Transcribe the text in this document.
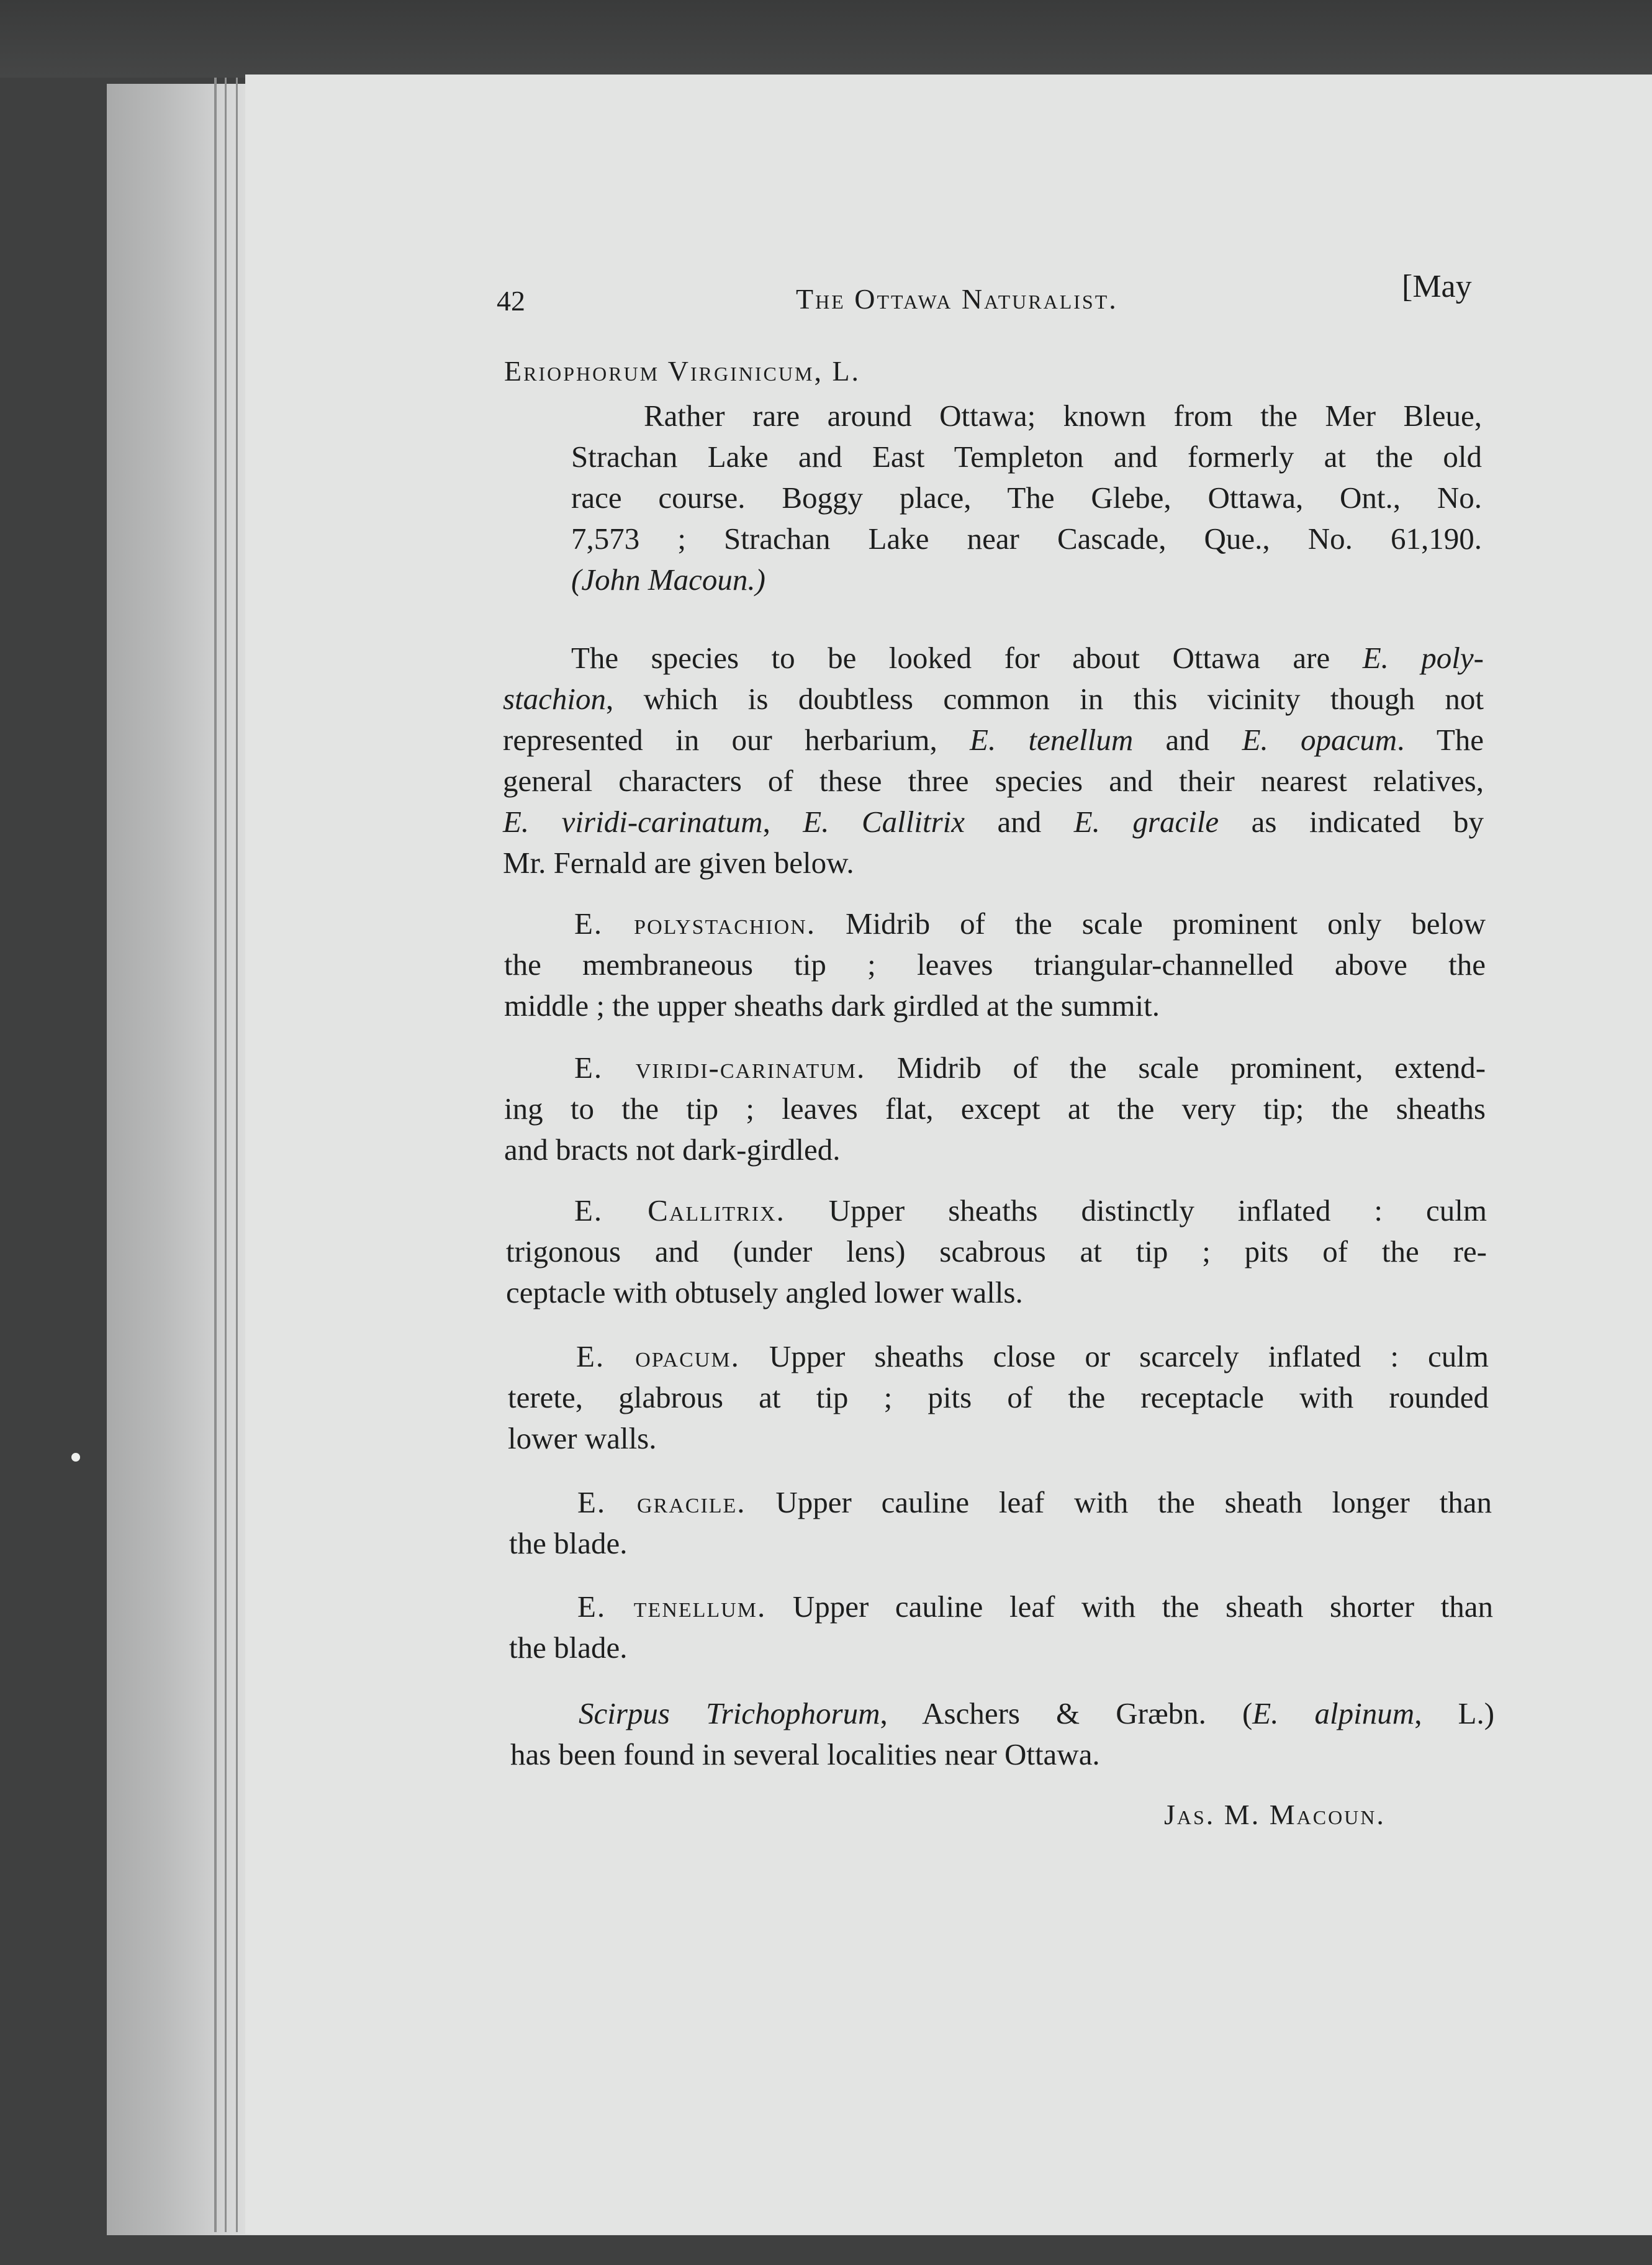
42	The Ottawa Naturalist.	[May
Eriophorum Virginicum, L.
Rather rare around Ottawa; known from the Mer Bleue,
Strachan Lake and East Templeton and formerly at the old
race course. Boggy place, The Glebe, Ottawa, Ont., No.
7,573 ; Strachan Lake near Cascade, Que., No. 61,190.
(John Macoun.)
The species to be looked for about Ottawa are E. poly-
stachion, which is doubtless common in this vicinity though not
represented in our herbarium, E. tenellum and E. opacum. The
general characters of these three species and their nearest relatives,
E. viridi-carinatum, E. Callitrix and E. gracile as indicated by
Mr. Fernald are given below.
E. polystachion. Midrib of the scale prominent only below
the membraneous tip ; leaves triangular-channelled above the
middle ; the upper sheaths dark girdled at the summit.
E. viridi-carinatum. Midrib of the scale prominent, extend-
ing to the tip ; leaves flat, except at the very tip; the sheaths
and bracts not dark-girdled.
E. Callitrix. Upper sheaths distinctly inflated : culm
trigonous and (under lens) scabrous at tip ; pits of the re-
ceptacle with obtusely angled lower walls.
E. opacum. Upper sheaths close or scarcely inflated : culm
terete, glabrous at tip ; pits of the receptacle with rounded
lower walls.
E. gracile. Upper cauline leaf with the sheath longer than
the blade.
E. tenellum. Upper cauline leaf with the sheath shorter than
the blade.
Scirpus Trichophorum, Aschers & Græbn. (E. alpinum, L.)
has been found in several localities near Ottawa.
Jas. M. Macoun.
